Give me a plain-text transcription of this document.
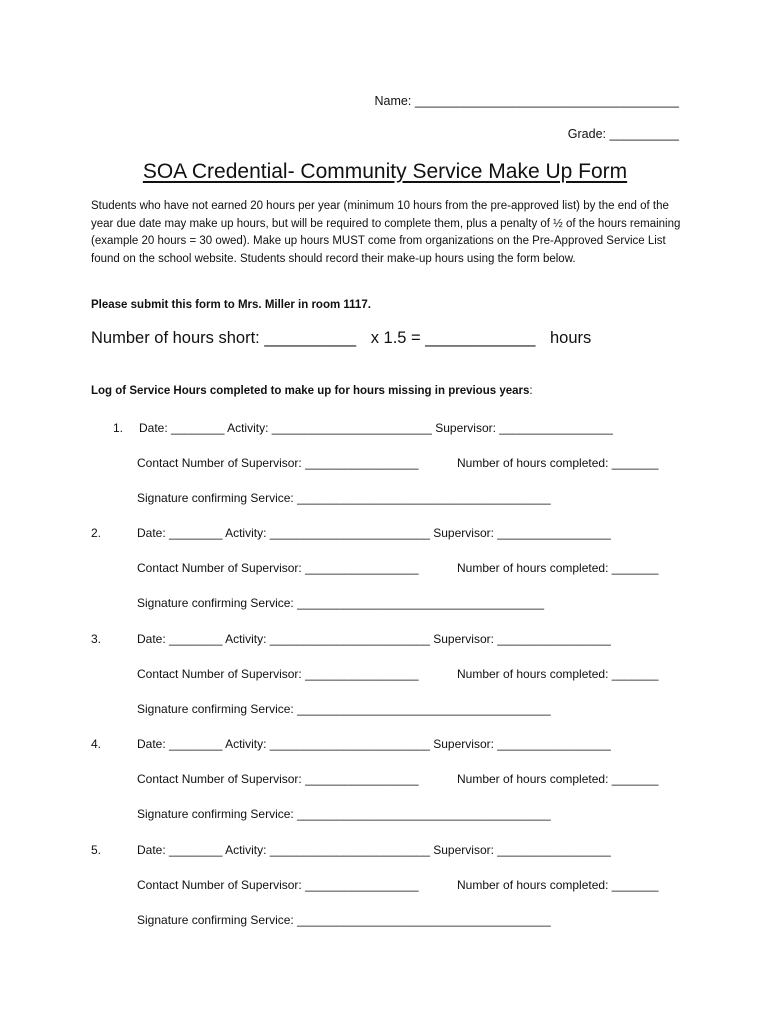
Name: ______________________________________
Grade: __________
SOA Credential- Community Service Make Up Form
Students who have not earned 20 hours per year (minimum 10 hours from the pre-approved list) by the end of the year due date may make up hours, but will be required to complete them, plus a penalty of ½ of the hours remaining (example 20 hours = 30 owed). Make up hours MUST come from organizations on the Pre-Approved Service List found on the school website. Students should record their make-up hours using the form below.
Please submit this form to Mrs. Miller in room 1117.
Number of hours short: __________ x 1.5 = ____________ hours
Log of Service Hours completed to make up for hours missing in previous years:
1. Date: ________ Activity: ________________________ Supervisor: _________________
Contact Number of Supervisor: _________________	Number of hours completed: _______
Signature confirming Service: ______________________________________
2.	Date: ________ Activity: ________________________ Supervisor: _________________
Contact Number of Supervisor: _________________	Number of hours completed: _______
Signature confirming Service: _____________________________________
3.	Date: ________ Activity: ________________________ Supervisor: _________________
Contact Number of Supervisor: _________________	Number of hours completed: _______
Signature confirming Service: ______________________________________
4.	Date: ________ Activity: ________________________ Supervisor: _________________
Contact Number of Supervisor: _________________	Number of hours completed: _______
Signature confirming Service: ______________________________________
5.	Date: ________ Activity: ________________________ Supervisor: _________________
Contact Number of Supervisor: _________________	Number of hours completed: _______
Signature confirming Service: ______________________________________
